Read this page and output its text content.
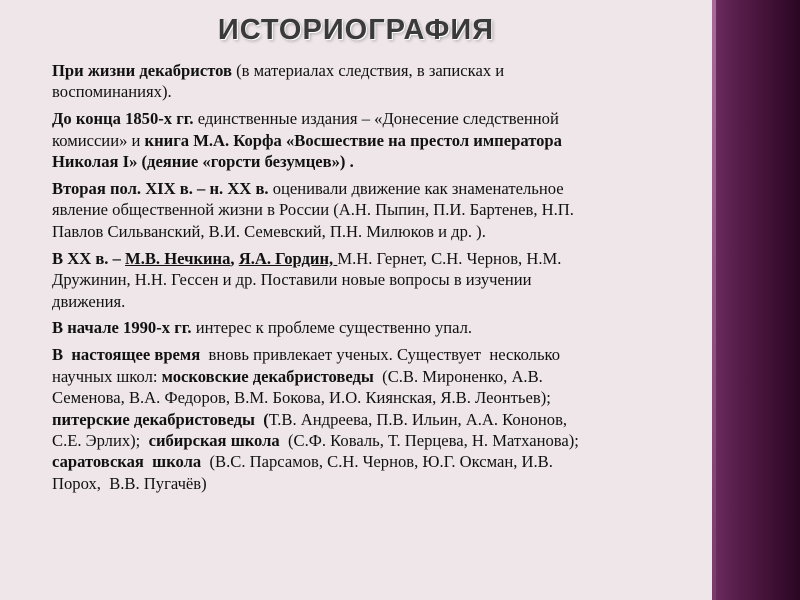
ИСТОРИОГРАФИЯ
При жизни декабристов (в материалах следствия, в записках и
воспоминаниях).
До конца 1850-х гг. единственные издания – «Донесение следственной
комиссии» и книга М.А. Корфа «Восшествие на престол императора
Николая I» (деяние «горсти безумцев») .
Вторая пол. XIX в. – н. XX в. оценивали движение как знаменательное
явление общественной жизни в России (А.Н. Пыпин, П.И. Бартенев, Н.П.
Павлов Сильванский, В.И. Семевский, П.Н. Милюков и др. ).
В XX в. – М.В. Нечкина, Я.А. Гордин, М.Н. Гернет, С.Н. Чернов, Н.М.
Дружинин, Н.Н. Гессен и др. Поставили новые вопросы в изучении
движения.
В начале 1990-х гг. интерес к проблеме существенно упал.
В  настоящее время  вновь привлекает ученых. Существует  несколько
научных школ: московские декабристоведы  (С.В. Мироненко, А.В.
Семенова, В.А. Федоров, В.М. Бокова, И.О. Киянская, Я.В. Леонтьев);
питерские декабристоведы  (Т.В. Андреева, П.В. Ильин, А.А. Кононов,
С.Е. Эрлих);  сибирская школа  (С.Ф. Коваль, Т. Перцева, Н. Матханова);
саратовская  школа  (В.С. Парсамов, С.Н. Чернов, Ю.Г. Оксман, И.В.
Порох,  В.В. Пугачёв)
